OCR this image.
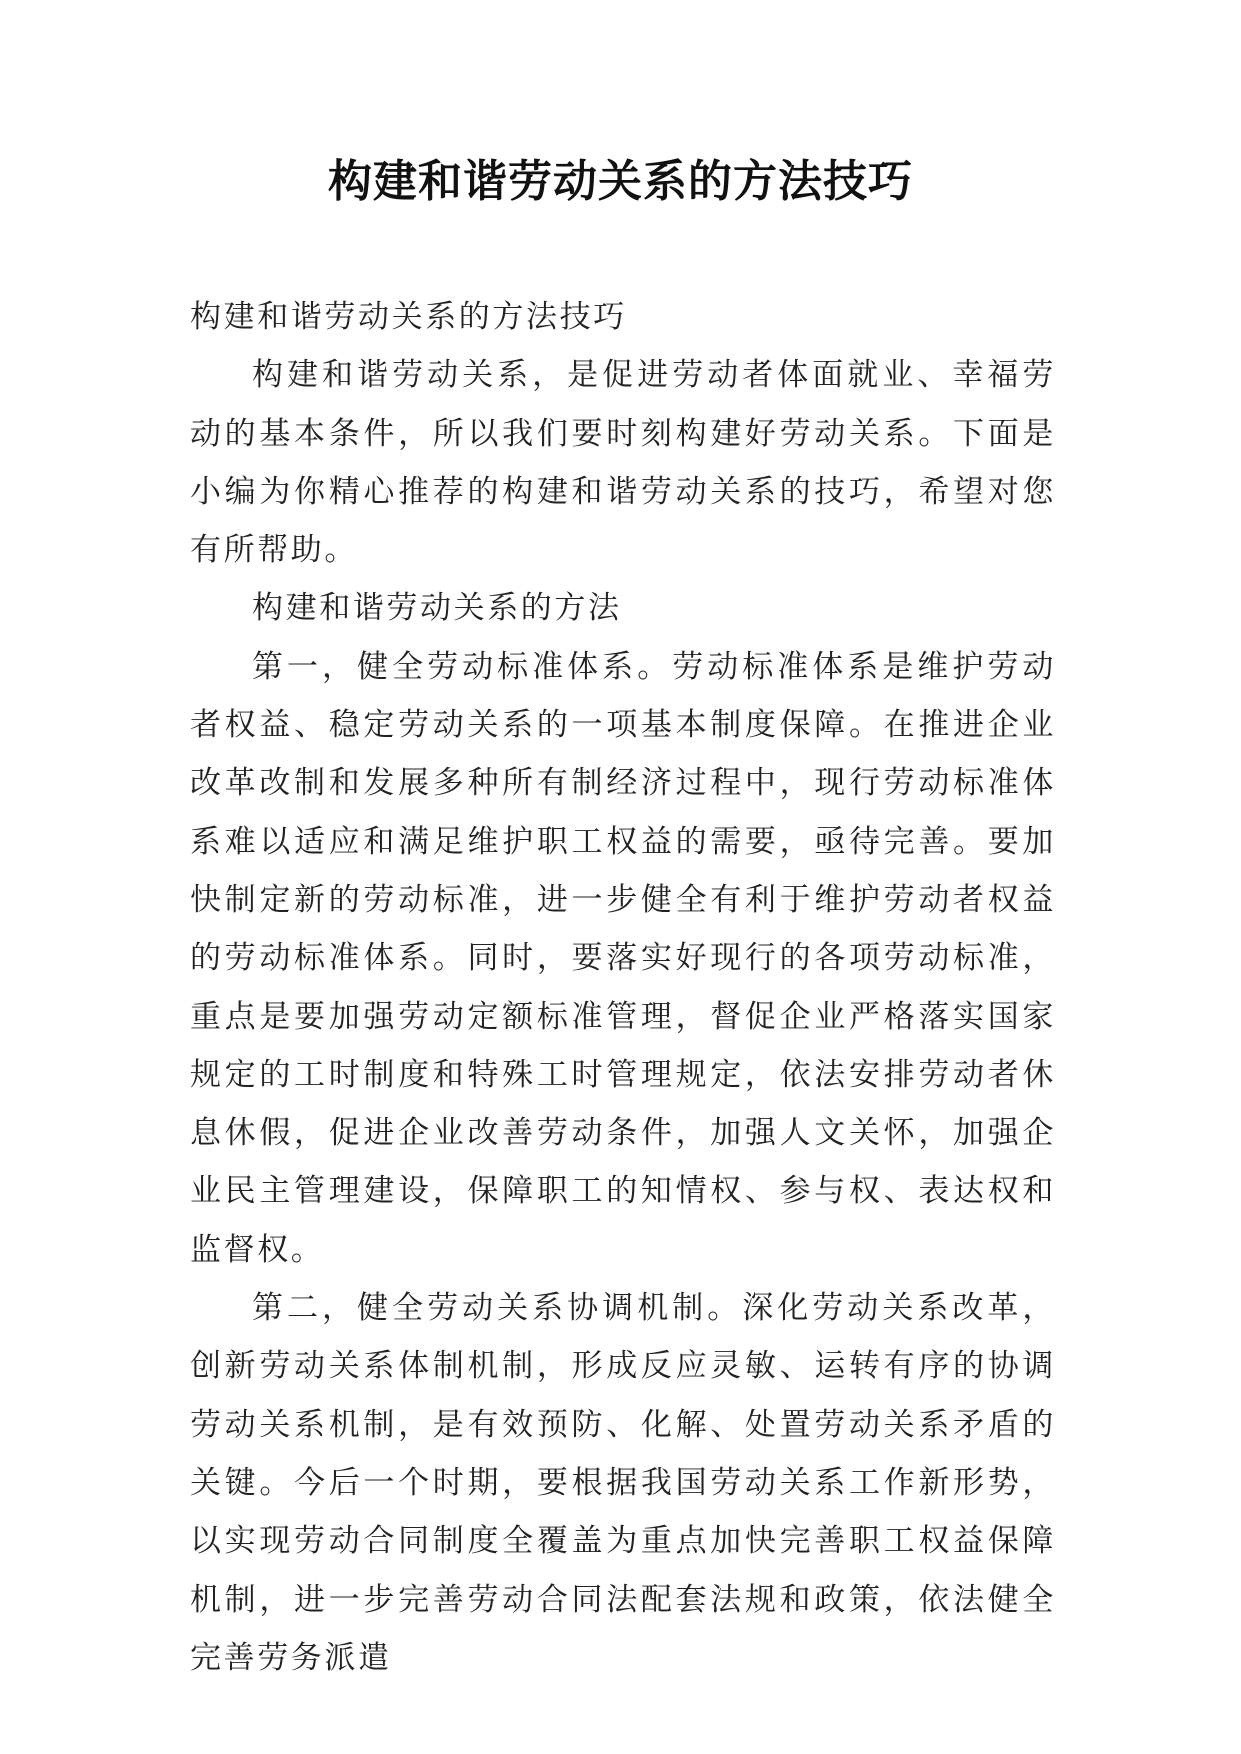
构建和谐劳动关系的方法技巧

构建和谐劳动关系的方法技巧

构建和谐劳动关系，是促进劳动者体面就业、幸福劳动的基本条件，所以我们要时刻构建好劳动关系。下面是小编为你精心推荐的构建和谐劳动关系的技巧，希望对您有所帮助。

构建和谐劳动关系的方法

第一，健全劳动标准体系。劳动标准体系是维护劳动者权益、稳定劳动关系的一项基本制度保障。在推进企业改革改制和发展多种所有制经济过程中，现行劳动标准体系难以适应和满足维护职工权益的需要，亟待完善。要加快制定新的劳动标准，进一步健全有利于维护劳动者权益的劳动标准体系。同时，要落实好现行的各项劳动标准，重点是要加强劳动定额标准管理，督促企业严格落实国家规定的工时制度和特殊工时管理规定，依法安排劳动者休息休假，促进企业改善劳动条件，加强人文关怀，加强企业民主管理建设，保障职工的知情权、参与权、表达权和监督权。

第二，健全劳动关系协调机制。深化劳动关系改革，创新劳动关系体制机制，形成反应灵敏、运转有序的协调劳动关系机制，是有效预防、化解、处置劳动关系矛盾的关键。今后一个时期，要根据我国劳动关系工作新形势，以实现劳动合同制度全覆盖为重点加快完善职工权益保障机制，进一步完善劳动合同法配套法规和政策，依法健全完善劳务派遣
